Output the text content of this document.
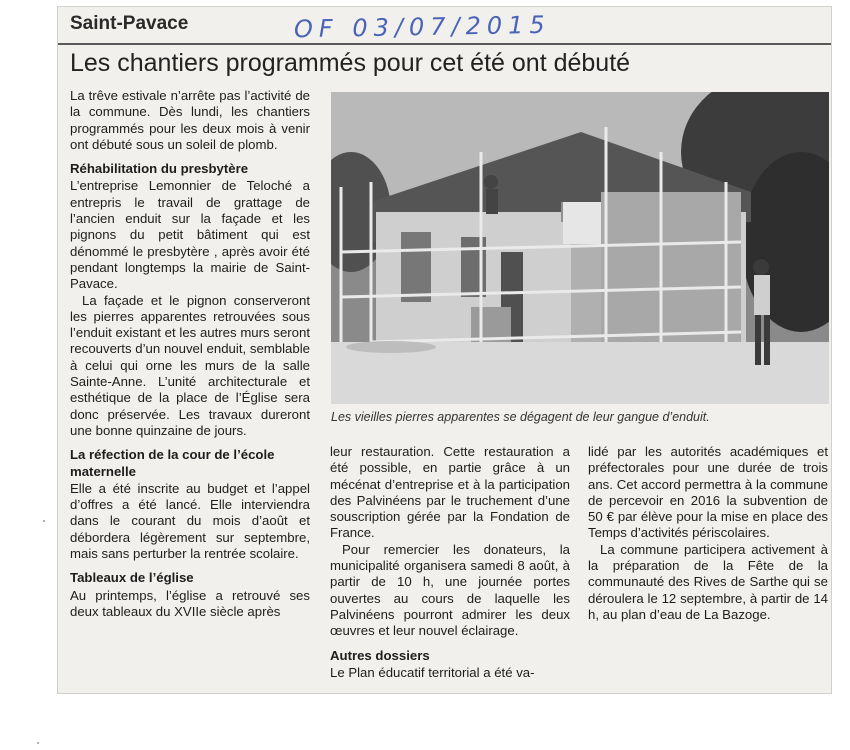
Saint-Pavace	OF 03/07/2015
Les chantiers programmés pour cet été ont débuté

La trêve estivale n’arrête pas l’activité de la commune. Dès lundi, les chantiers programmés pour les deux mois à venir ont débuté sous un soleil de plomb.

Réhabilitation du presbytère

L’entreprise Lemonnier de Teloché a entrepris le travail de grattage de l’ancien enduit sur la façade et les pignons du petit bâtiment qui est dénommé le presbytère , après avoir été pendant longtemps la mairie de Saint-Pavace.

La façade et le pignon conserveront les pierres apparentes retrouvées sous l’enduit existant et les autres murs seront recouverts d’un nouvel enduit, semblable à celui qui orne les murs de la salle Sainte-Anne. L’unité architecturale et esthétique de la place de l’Église sera donc préservée. Les travaux dureront une bonne quinzaine de jours.

La réfection de la cour de l’école maternelle

Elle a été inscrite au budget et l’appel d’offres a été lancé. Elle interviendra dans le courant du mois d’août et débordera légèrement sur septembre, mais sans perturber la rentrée scolaire.

Tableaux de l’église

Au printemps, l’église a retrouvé ses deux tableaux du XVIIe siècle après

Les vieilles pierres apparentes se dégagent de leur gangue d’enduit.

leur restauration. Cette restauration a été possible, en partie grâce à un mécénat d’entreprise et à la participation des Palvinéens par le truchement d’une souscription gérée par la Fondation de France.

Pour remercier les donateurs, la municipalité organisera samedi 8 août, à partir de 10 h, une journée portes ouvertes au cours de laquelle les Palvinéens pourront admirer les deux œuvres et leur nouvel éclairage.

Autres dossiers

Le Plan éducatif territorial a été va-

lidé par les autorités académiques et préfectorales pour une durée de trois ans. Cet accord permettra à la commune de percevoir en 2016 la subvention de 50 € par élève pour la mise en place des Temps d’activités périscolaires.

La commune participera activement à la préparation de la Fête de la communauté des Rives de Sarthe qui se déroulera le 12 septembre, à partir de 14 h, au plan d’eau de La Bazoge.
